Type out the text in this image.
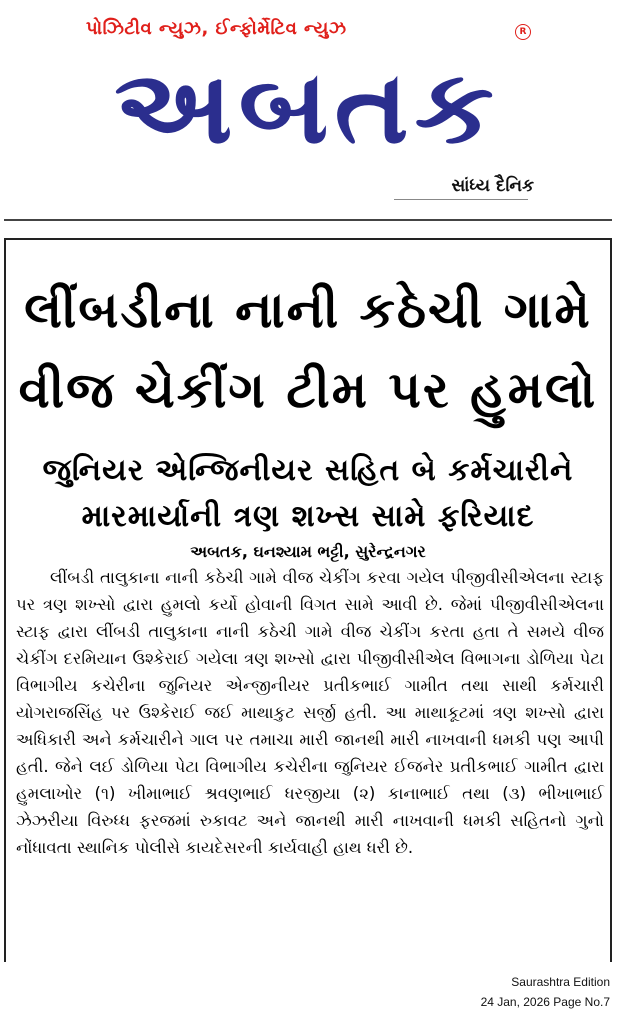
પોઝિટીવ ન્યુઝ, ઈન્ફોર્મેટિવ ન્યુઝ	R
અબતક
સાંધ્ય દૈનિક
લીંબડીના નાની કઠેચી ગામે
વીજ ચેકીંગ ટીમ પર હુમલો
જુનિયર એન્જિનીયર સહિત બે કર્મચારીને
મારમાર્યાની ત્રણ શખ્સ સામે ફરિયાદ
અબતક, ઘનશ્યામ ભટ્ટી, સુરેન્દ્રનગર
લીંબડી તાલુકાના નાની કઠેચી ગામે વીજ ચેકીંગ કરવા ગયેલ પીજીવીસીએલના સ્ટાફ પર ત્રણ શખ્સો દ્વારા હુમલો કર્યો હોવાની વિગત સામે આવી છે. જેમાં પીજીવીસીએલના સ્ટાફ દ્વારા લીંબડી તાલુકાના નાની કઠેચી ગામે વીજ ચેકીંગ કરતા હતા તે સમયે વીજ ચેકીંગ દરમિયાન ઉશ્કેરાઈ ગયેલા ત્રણ શખ્સો દ્વારા પીજીવીસીએલ વિભાગના ડોળિયા પેટા વિભાગીય કચેરીના જુનિયર એન્જીનીયર પ્રતીકભાઈ ગામીત તથા સાથી કર્મચારી યોગરાજસિંહ પર ઉશ્કેરાઈ જઈ માથાકુટ સર્જી હતી. આ માથાકૂટમાં ત્રણ શખ્સો દ્વારા અધિકારી અને કર્મચારીને ગાલ પર તમાચા મારી જાનથી મારી નાખવાની ધમકી પણ આપી હતી. જેને લઈ ડોળિયા પેટા વિભાગીય કચેરીના જુનિયર ઈજનેર પ્રતીકભાઈ ગામીત દ્વારા હુમલાખોર (૧) ખીમાભાઈ શ્રવણભાઈ ધરજીયા (૨) કાનાભાઈ તથા (૩) ભીખાભાઈ ઝેઝરીયા વિરુધ્ધ ફરજમાં રુકાવટ અને જાનથી મારી નાખવાની ધમકી સહિતનો ગુનો નોંધાવતા સ્થાનિક પોલીસે કાયદેસરની કાર્યવાહી હાથ ધરી છે.
Saurashtra Edition
24 Jan, 2026 Page No.7
